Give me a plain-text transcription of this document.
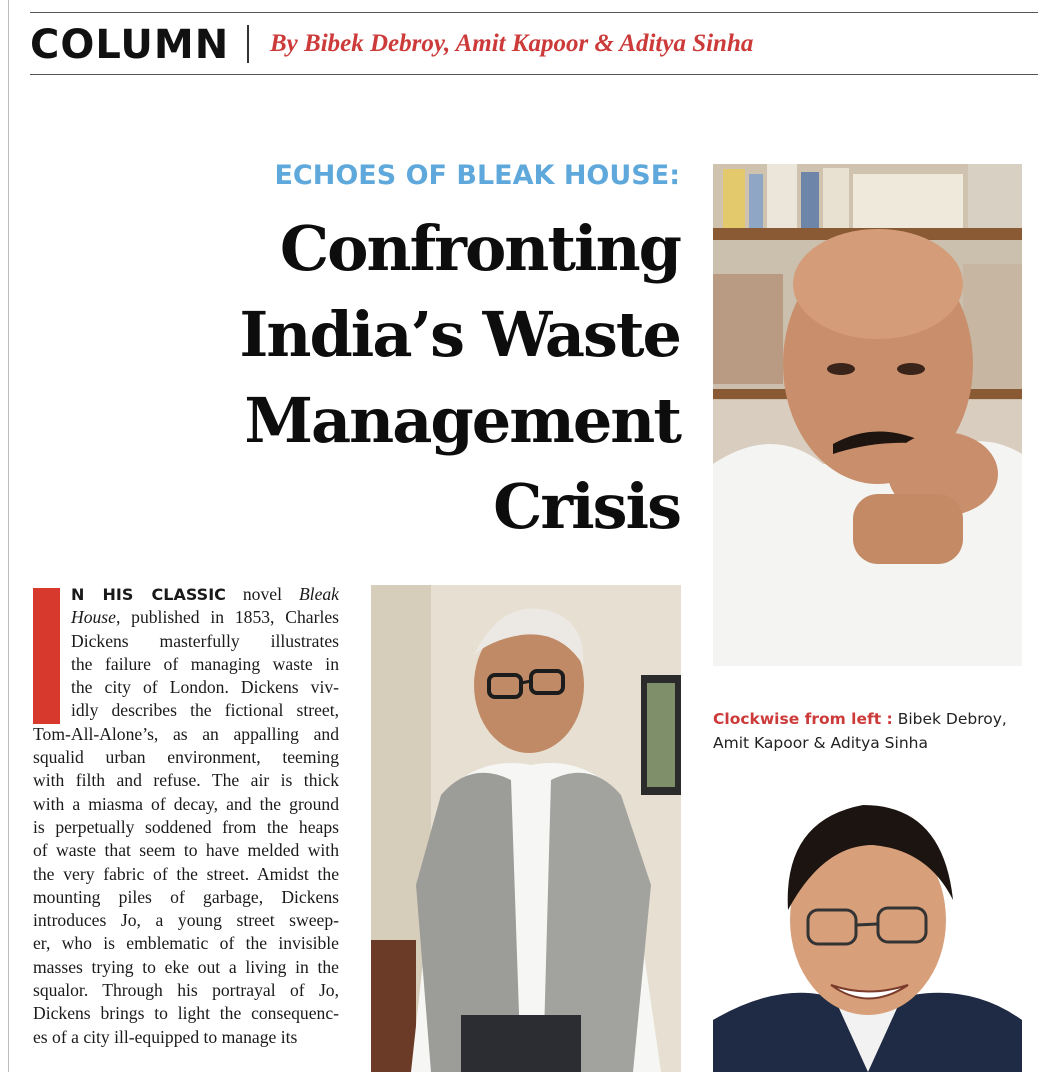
COLUMN By Bibek Debroy, Amit Kapoor & Aditya Sinha
ECHOES OF BLEAK HOUSE:
Confronting
India’s Waste
Management
Crisis
Clockwise from left : Bibek Debroy, Amit Kapoor & Aditya Sinha
N HIS CLASSIC novel Bleak
House, published in 1853, Charles
Dickens masterfully illustrates
the failure of managing waste in
the city of London. Dickens viv-
idly describes the fictional street,
Tom-All-Alone’s, as an appalling and
squalid urban environment, teeming
with filth and refuse. The air is thick
with a miasma of decay, and the ground
is perpetually soddened from the heaps
of waste that seem to have melded with
the very fabric of the street. Amidst the
mounting piles of garbage, Dickens
introduces Jo, a young street sweep-
er, who is emblematic of the invisible
masses trying to eke out a living in the
squalor. Through his portrayal of Jo,
Dickens brings to light the consequenc-
es of a city ill-equipped to manage its
